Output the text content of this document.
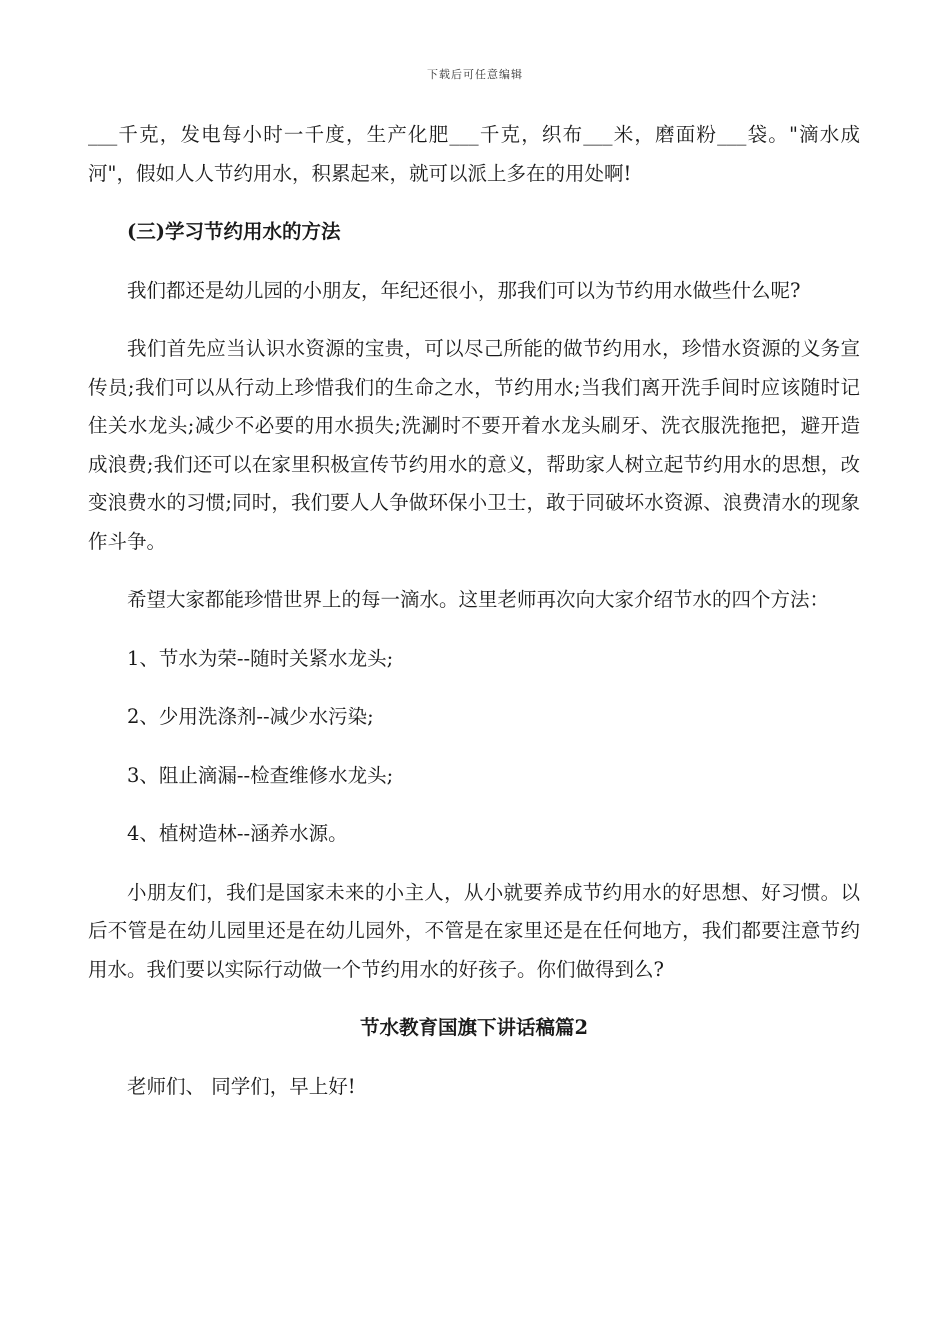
下载后可任意编辑

___千克，发电每小时一千度，生产化肥___千克，织布___米，磨面粉___袋。"滴水成河"，假如人人节约用水，积累起来，就可以派上多在的用处啊!

(三)学习节约用水的方法

我们都还是幼儿园的小朋友，年纪还很小，那我们可以为节约用水做些什么呢?

我们首先应当认识水资源的宝贵，可以尽己所能的做节约用水，珍惜水资源的义务宣传员;我们可以从行动上珍惜我们的生命之水，节约用水;当我们离开洗手间时应该随时记住关水龙头;减少不必要的用水损失;洗涮时不要开着水龙头刷牙、洗衣服洗拖把，避开造成浪费;我们还可以在家里积极宣传节约用水的意义，帮助家人树立起节约用水的思想，改变浪费水的习惯;同时，我们要人人争做环保小卫士，敢于同破坏水资源、浪费清水的现象作斗争。

希望大家都能珍惜世界上的每一滴水。这里老师再次向大家介绍节水的四个方法：

1、节水为荣--随时关紧水龙头;

2、少用洗涤剂--减少水污染;

3、阻止滴漏--检查维修水龙头;

4、植树造林--涵养水源。

小朋友们，我们是国家未来的小主人，从小就要养成节约用水的好思想、好习惯。以后不管是在幼儿园里还是在幼儿园外，不管是在家里还是在任何地方，我们都要注意节约用水。我们要以实际行动做一个节约用水的好孩子。你们做得到么?

节水教育国旗下讲话稿篇2

老师们、 同学们，早上好!
